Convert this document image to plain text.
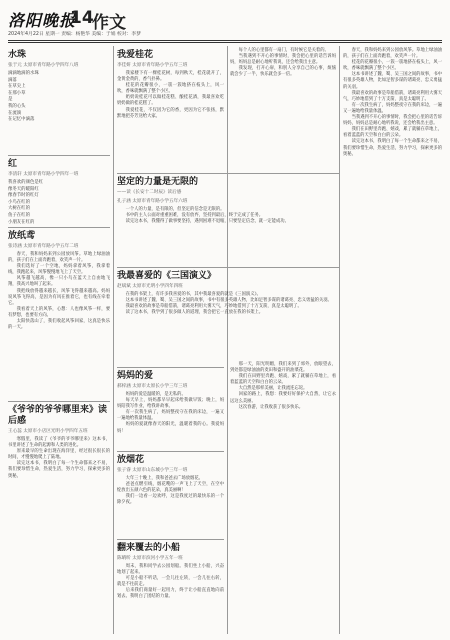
洛阳晚报
14
作文
2024年4月22日 星期一 责编：杨艳华 美编：于娟 校对：李梦
水珠
张于元 太原市青年路小学四年八班
滴滴地滴的水珠
滴落
在草尖上
在那小草
是
我的心头
在流淌
在记忆中滴落
红
李清轩 太原市青年路小学四年一班
我喜欢的颜色是红
像冬天的暖阳红
像春节时的红灯
小鸟在红的
大树在红的
鱼子在红的
小朋友在红的
放纸鸢
张诗涵 太原市青年路小学五年二班
春天，我和妈妈来到公园放风筝。草地上绿油油的，孩子们在上面奔跑着，欢笑声一片。
我们选好了一个空地，妈妈拿着风筝，我拿着线，我跑起来，风筝慢慢地飞上了天空。
风筝越飞越高，像一只小鸟在蓝天上自由地飞翔，我高兴地叫了起来。
我把线放得越来越长，风筝飞得越来越高。妈妈说风筝飞得高，是因为有风在推着它，也有线在牵着它。
我看着天上的风筝，心想：人也像风筝一样，要有梦想，也要有方向。
太阳快落山了，我们收起风筝回家，这真是快乐的一天。
《爷爷的爷爷哪里来》读后感
王心蕊 太原市小店区光明小学四年五班
寒假里，我读了《爷爷的爷爷哪里来》这本书，书里讲述了生命的起源和人类的进化。
原来最早的生命出现在海洋里，经过很长很长的时间，才慢慢地爬上了陆地。
读完这本书，我明白了每一个生命都来之不易，我们要珍惜生命，热爱生活，努力学习，探索更多的奥秘。
我爱桂花
李佳妍 太原市青年路小学五年三班
我家楼下有一棵桂花树，每到秋天，桂花就开了，金黄金黄的，香气扑鼻。
桂花的花瓣很小，一簇一簇地挤在枝头上，风一吹，香味就飘满了整个小区。
奶奶说桂花可以做桂花糕、酿桂花酒，我最喜欢吃奶奶做的桂花糕了。
我爱桂花，不仅因为它的香，更因为它不张扬，默默地把芬芳送给大家。
坚定的力量是无限的
——读《长安十二时辰》读后感
孔子涵 太原市青年路小学五年六班
一个人的力量，是有限的，但坚定的信念是无限的。
书中的主人公面对重重困难，没有放弃，坚持到最后，终于完成了任务。
读完这本书，我懂得了做事要坚持，遇到困难不退缩，只要坚定信念，就一定能成功。
我最喜爱的《三国演义》
赵斌斌 太原市光明小学四年四班
在我的书架上，有许多我喜爱的书，其中我最喜爱的就是《三国演义》。
这本书讲述了魏、蜀、吴三国之间的故事，书中有很多英雄人物，比如足智多谋的诸葛亮、忠义勇猛的关羽。
我最喜欢的故事是草船借箭，诸葛亮利用大雾天气，巧妙地借到了十万支箭，真是太聪明了。
读了这本书，我学到了很多做人的道理，我会把它一直放在我的书架上。
妈妈的爱
郝梓涵 太原市太原长小学三年三班
妈妈的爱是温暖的，是无私的。
每天早上，妈妈都早早起床给我做早饭；晚上，妈妈陪我写作业，给我讲故事。
有一次我生病了，妈妈整夜守在我的床边，一遍又一遍地给我量体温。
妈妈的爱就像春天的阳光，温暖着我的心。我爱妈妈！
放烟花
张子睿 太原市山东城小学三年一班
大年三十晚上，我和爸爸去广场放烟花。
爸爸点燃引线，烟花嗖的一声飞上了天空，在空中绽放出五颜六色的花朵，真美丽啊！
我们一边看一边欢呼，这是我度过的最快乐的一个除夕夜。
翻来覆去的小船
陈晴昕 太原市滨河小学五年一班
周末，我和同学去公园划船。我们坐上小船，兴奋地划了起来。
可是小船不听话，一会儿往左转，一会儿往右转，就是不往前走。
后来我们商量好一起用力，终于让小船直直地向前划去。我明白了团结的力量。
每个人的心里都有一扇门，有时候它是关着的。
当我遇到不开心的事情时，我会把心里的话告诉妈妈，妈妈总是耐心地听我说，还会给我出主意。
我发现，打开心扉，和别人分享自己的心事，烦恼就会少了一半，快乐就会多一倍。
那一天，阳光明媚，我们来到了郊外，放眼望去，到处都是绿油油的麦田和盛开的油菜花。
我们在田野里奔跑、嬉戏，累了就躺在草地上，看着蓝蓝的天空和白白的云朵。
大自然是那样美丽，让我流连忘返。
回家的路上，我想：我要好好保护大自然，让它永远这么美丽。
这次春游，让我收获了很多快乐。
春天，我和妈妈来到公园放风筝。草地上绿油油的，孩子们在上面奔跑着，欢笑声一片。
桂花的花瓣很小，一簇一簇地挤在枝头上，风一吹，香味就飘满了整个小区。
这本书讲述了魏、蜀、吴三国之间的故事，书中有很多英雄人物，比如足智多谋的诸葛亮、忠义勇猛的关羽。
我最喜欢的故事是草船借箭，诸葛亮利用大雾天气，巧妙地借到了十万支箭，真是太聪明了。
有一次我生病了，妈妈整夜守在我的床边，一遍又一遍地给我量体温。
当我遇到不开心的事情时，我会把心里的话告诉妈妈，妈妈总是耐心地听我说，还会给我出主意。
我们在田野里奔跑、嬉戏，累了就躺在草地上，看着蓝蓝的天空和白白的云朵。
读完这本书，我明白了每一个生命都来之不易，我们要珍惜生命，热爱生活，努力学习，探索更多的奥秘。
